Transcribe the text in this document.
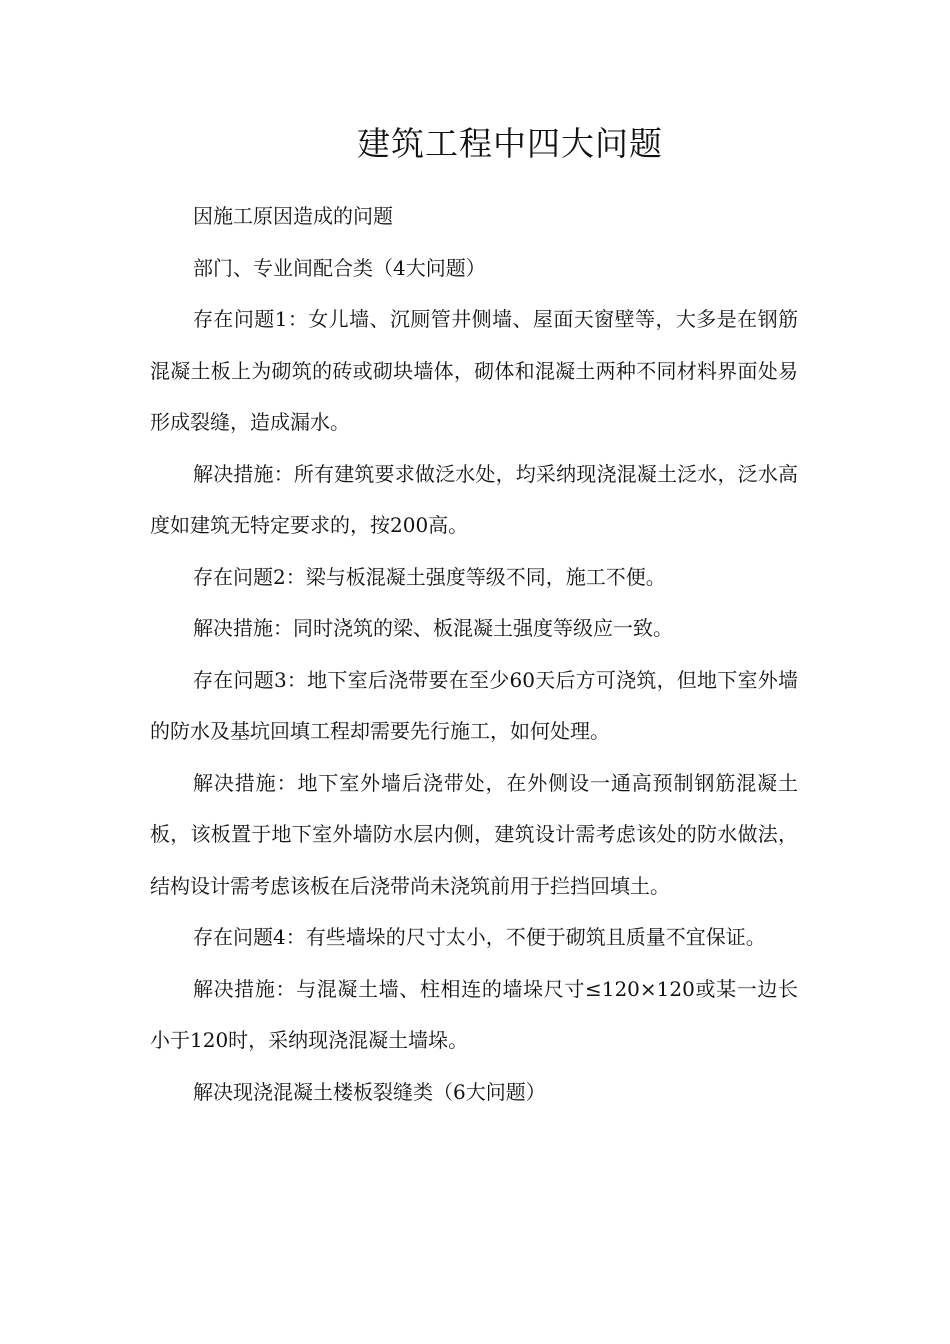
建筑工程中四大问题

因施工原因造成的问题

部门、专业间配合类（4大问题）

存在问题1：女儿墙、沉厕管井侧墙、屋面天窗壁等，大多是在钢筋混凝土板上为砌筑的砖或砌块墙体，砌体和混凝土两种不同材料界面处易形成裂缝，造成漏水。

解决措施：所有建筑要求做泛水处，均采纳现浇混凝土泛水，泛水高度如建筑无特定要求的，按200高。

存在问题2：梁与板混凝土强度等级不同，施工不便。

解决措施：同时浇筑的梁、板混凝土强度等级应一致。

存在问题3：地下室后浇带要在至少60天后方可浇筑，但地下室外墙的防水及基坑回填工程却需要先行施工，如何处理。

解决措施：地下室外墙后浇带处，在外侧设一通高预制钢筋混凝土板，该板置于地下室外墙防水层内侧，建筑设计需考虑该处的防水做法，结构设计需考虑该板在后浇带尚未浇筑前用于拦挡回填土。

存在问题4：有些墙垛的尺寸太小，不便于砌筑且质量不宜保证。

解决措施：与混凝土墙、柱相连的墙垛尺寸≤120×120或某一边长小于120时，采纳现浇混凝土墙垛。

解决现浇混凝土楼板裂缝类（6大问题）
